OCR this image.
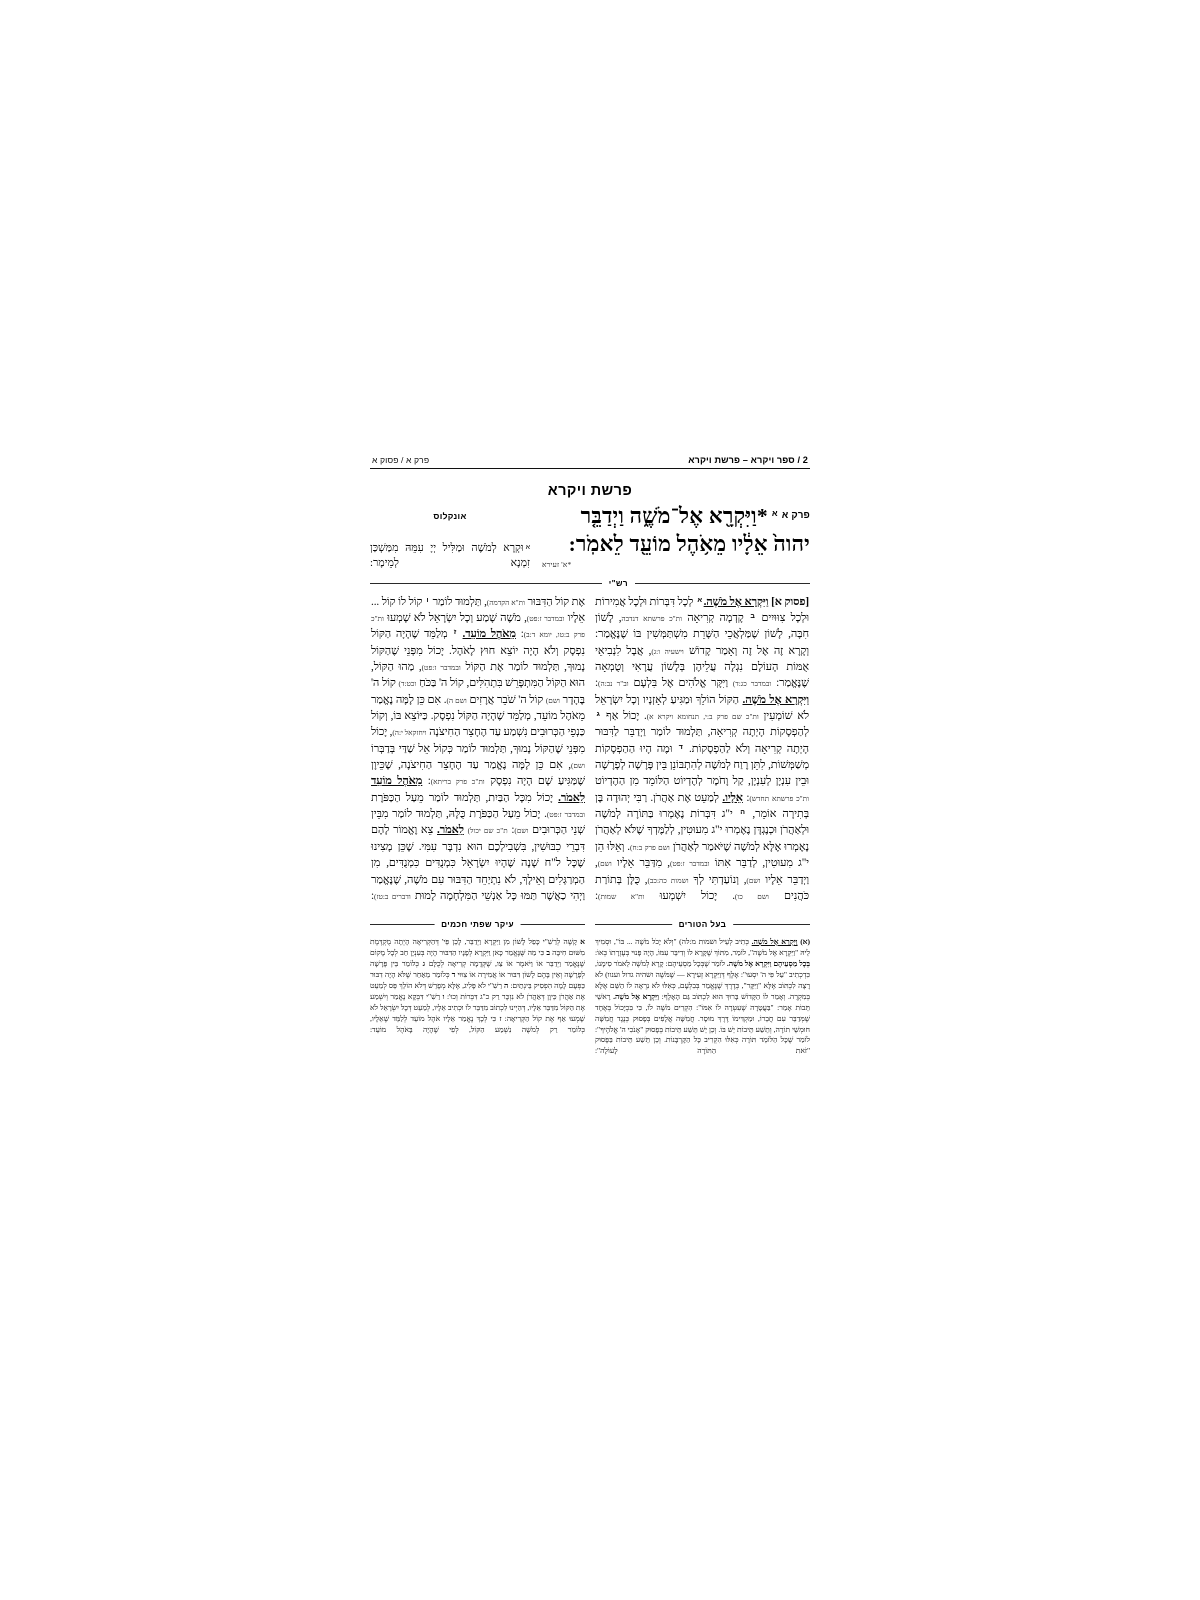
2 / ספר ויקרא – פרשת ויקרא
פרק א / פסוק א
פרשת ויקרא
$^{פרק אא}$*וַיִּקְרָ֖א אֶל־מֹשֶׁ֑ה וַיְדַבֵּ֤ר
יהוה֙ אֵלָ֔יו מֵאֹ֥הֶל מוֹעֵ֖ד לֵאמֹֽר:
*א' זעירא
אונקלוס
אוּקְרָא לְמֹשֶׁה וּמַלִּיל יְיָ עִמֵּהּ מִמַּשְׁכַּן זִמְנָא לְמֵימָר:
רש"י
[פסוק א] וַיִּקְרָא אֶל מֹשֶׁה.$^א$ לְכָל דִּבְּרוֹת וּלְכָל אֲמִירוֹת וּלְכָל צִוּוּיִים $^ב$ קָדְמָה קְרִיאָה ות"כ פרשתא דנדבה, לָשׁוֹן חִבָּה, לָשׁוֹן שֶׁמַּלְאֲכֵי הַשָּׁרֵת מִשְׁתַּמְּשִׁין בּוֹ שֶׁנֶּאֱמַר: וְקָרָא זֶה אֶל זֶה וְאָמַר קָדוֹשׁ וישעיה ו:ג), אֲבָל לִנְבִיאֵי אֻמּוֹת הָעוֹלָם נִגְלָה עֲלֵיהֶן בְּלָשׁוֹן עֲרָאִי וְטֻמְאָה שֶׁנֶּאֱמַר: ובמדבר כג:ד) וַיִּקָּר אֱלֹהִים אֶל בִּלְעָם וב"ר נב:ה): וַיִּקְרָא אֶל מֹשֶׁה. הַקּוֹל הוֹלֵךְ וּמַגִּיעַ לְאָזְנָיו וְכָל יִשְׂרָאֵל לֹא שׁוֹמְעִין ות"כ שם פרק ב:י, תנחומא ויקרא א). יָכוֹל אַף $^ג$ לְהַפְסָקוֹת הָיְתָה קְרִיאָה, תַּלְמוּד לוֹמַר וַיְדַבֵּר לַדִּבּוּר הָיְתָה קְרִיאָה וְלֹא לַהַפְסָקוֹת. $^ד$ וּמֶה הָיוּ הַהַפְסָקוֹת מְשַׁמְּשׁוֹת, לִתֵּן רֶוַח לְמֹשֶׁה לְהִתְבּוֹנֵן בֵּין פָּרָשָׁה לְפָרָשָׁה וּבֵין עִנְיָן לְעִנְיָן, קַל וָחֹמֶר לְהֶדְיוֹט הַלּוֹמֵד מִן הַהֶדְיוֹט ות"כ פרשתא תחדש): אֵלָיו. לְמַעֵט אֶת אַהֲרֹן. רַבִּי יְהוּדָה בֶּן בְּתִירָה אוֹמֵר, $^ה$ י"ג דִּבְּרוֹת נֶאֶמְרוּ בַּתּוֹרָה לְמֹשֶׁה וּלְאַהֲרֹן וּכְנֶגְדָּן נֶאֶמְרוּ י"ג מִעוּטִין, לְלַמֶּדְךָ שֶׁלֹּא לְאַהֲרֹן נֶאֶמְרוּ אֶלָּא לְמֹשֶׁה שֶׁיֹּאמַר לְאַהֲרֹן ושם פרק ב:ח). וְאֵלּוּ הֵן י"ג מִעוּטִין, לְדַבֵּר אִתּוֹ ובמדבר ז:פט), מִדַּבֵּר אֵלָיו ושם), וַיְדַבֵּר אֵלָיו ושם), וְנוֹעַדְתִּי לְךָ ושמות כה:כב), כֻּלָּן בְּתוֹרַת כֹּהֲנִים ושם כו). יָכוֹל יִשְׁמְעוּ ות"א שמות):
אֶת קוֹל הַדִּבּוּר ות"א הקדמה), תַּלְמוּד לוֹמַר $^ו$ קוֹל לוֹ קוֹל ... אֵלָיו ובמדבר ז:פט), מֹשֶׁה שָׁמַע וְכָל יִשְׂרָאֵל לֹא שָׁמְעוּ ות"כ פרק ב:טו, יומא ד:ב): מֵאֹהֶל מוֹעֵד. $^ז$ מְלַמֵּד שֶׁהָיָה הַקּוֹל נִפְסָק וְלֹא הָיָה יוֹצֵא חוּץ לָאֹהֶל. יָכוֹל מִפְּנֵי שֶׁהַקּוֹל נָמוּךְ, תַּלְמוּד לוֹמַר אֶת הַקּוֹל ובמדבר ז:פט), מַהוּ הַקּוֹל, הוּא הַקּוֹל הַמִּתְפָּרֵשׁ בִּתְהִלִּים, קוֹל ה' בַּכֹּחַ וכט:ד) קוֹל ה' בֶּהָדָר ושם) קוֹל ה' שֹׁבֵר אֲרָזִים ושם ה). אִם כֵּן לָמָּה נֶאֱמַר מֵאֹהֶל מוֹעֵד, מְלַמֵּד שֶׁהָיָה הַקּוֹל נִפְסָק. כַּיּוֹצֵא בּוֹ, וְקוֹל כַּנְפֵי הַכְּרוּבִים נִשְׁמַע עַד הֶחָצֵר הַחִיצֹנָה ויחזקאל י:ה), יָכוֹל מִפְּנֵי שֶׁהַקּוֹל נָמוּךְ, תַּלְמוּד לוֹמַר כְּקוֹל אֵל שַׁדַּי בְּדַבְּרוֹ ושם), אִם כֵּן לָמָּה נֶאֱמַר עַד הֶחָצֵר הַחִיצֹנָה, שֶׁכֵּיוָן שֶׁמַּגִּיעַ שָׁם הָיָה נִפְסָק ות"כ פרק בריתא): מֵאֹהֶל מוֹעֵד לֵאמֹר. יָכוֹל מִכָּל הַבַּיִת, תַּלְמוּד לוֹמַר מֵעַל הַכַּפֹּרֶת ובמדבר ז:פט). יָכוֹל מֵעַל הַכַּפֹּרֶת כֻּלָּהּ, תַּלְמוּד לוֹמַר מִבֵּין שְׁנֵי הַכְּרוּבִים ושם): ת"כ שם יכול) לֵאמֹר. צֵא וֶאֱמוֹר לָהֶם דִּבְרֵי כִבּוּשִׁין, בִּשְׁבִילְכֶם הוּא נִדְבָּר עִמִּי. שֶׁכֵּן מָצִינוּ שֶׁכָּל ל"ח שָׁנָה שֶׁהָיוּ יִשְׂרָאֵל כִּמְנֻדִּים כִּמְנֻדִּים, מִן הַמְרַגְּלִים וְאֵילָךְ, לֹא נִתְיַחֵד הַדִּבּוּר עִם מֹשֶׁה, שֶׁנֶּאֱמַר וַיְהִי כַאֲשֶׁר תַּמּוּ כָּל אַנְשֵׁי הַמִּלְחָמָה לָמוּת ודברים ב:טז):
בעל הטורים
עיקר שפתי חכמים
(א) וַיִּקְרָא אֶל מֹשֶׁה. כְּתִיב לְעֵיל ושמות מ:לה) "וְלֹא יָכֹל מֹשֶׁה ... בּוֹ", וּסְמִיךְ לֵיהּ "וַיִּקְרָא אֶל מֹשֶׁה", לוֹמַר, מִתּוֹךְ שֶׁקָּרָא לוֹ וְדִיבֵּר עִמּוֹ, הָיָה פָּנוּי בְּעֶזְרָתוֹ כְּאוֹ: בְּכָל מַסְעֵיהֶם וַיִּקְרָא אֶל מֹשֶׁה. לוֹמַר שֶׁבְּכָל מַסְעֵיהֶם: קָרָא לְמֹשֶׁה לֵאמֹר סִימָנוֹ, כִּדְכְתִיב "עַל פִּי ה' יִסְעוּ": אָלֶף דְּוַיִּקְרָא זְעִירָא — שֶׁמֹּשֶׁה ושהיה גדול וענוו) לֹא רָצָה לִכְתּוֹב אֶלָּא "וַיִּקָּר", כְּדֶרֶךְ שֶׁנֶּאֱמַר בְּבִלְעָם, כְּאִלּוּ לֹא נִרְאָה לוֹ הַשֵּׁם אֶלָּא בְּמִקְרֶה. וְאָמַר לוֹ הַקָּדוֹשׁ בָּרוּךְ הוּא לִכְתּוֹב גַּם הָאָלֶף: וַיִּקְרָא אֶל מֹשֶׁה. רָאשֵׁי תֵּבוֹת אָמַר: "בַּעֲטָרָה שֶׁעִטְּרָה לוֹ אִמּוֹ": הִקְרִים מֹשֶׁה לוֹ, כִּי בִּכְיָכוֹל בְּאֶחָד שֶׁמְּדַבֵּר עִם חֲבֵרוֹ, וּמַקְדִּימוֹ דֶּרֶךְ מוּסָר. חֲמִשָּׁה אֲלָפִים בְּפָסוּק כְּנֶגֶד חֲמִשָּׁה חוּמְשֵׁי תוֹרָה, וְתֵשַׁע תֵּיבוֹת יֵשׁ בּוֹ. וְכֵן יֵשׁ תֵּשַׁע תֵּיבוֹת בְּפָסוּק "אָנֹכִי ה' אֱלֹהֶיךָ": לוֹמַר שֶׁכָּל הַלּוֹמֵד תּוֹרָה כְּאִלּוּ הִקְרִיב כָּל הַקָּרְבָּנוֹת. וְכֵן תֵּשַׁע תֵּיבוֹת בַּפָּסוּק "זֹאת הַתּוֹרָה לָעוֹלָה":
א קָשֶׁה לְרַשִׁ"י כָּפַל לָשׁוֹן מִן וַיִּקְרָא וַיְדַבֵּר, לָכֵן פֵּי' דְּהַקְּרִיאָה הָיְתָה מֻקְדֶּמֶת מִשּׁוּם חִיבָּה ב כִּי מַה שֶּׁנֶּאֱמַר כָּאן וַיִּקְרָא לְפָנָיו הַדִּבּוּר הָיָה בְּעִנְיָן חַב לְכָל מָקוֹם שֶׁנֶּאֱמַר וַיְדַבֵּר אוֹ וַיֹּאמֶר אוֹ צַו, שֶׁקְּדָמָה קְרִיאָה לְכֻלָּם ג כְּלוֹמַר בֵּין פָּרָשָׁה לְפָרָשָׁה וְאֵין בָּהֶם לָשׁוֹן דִּבּוּר אוֹ אֲמִירָה אוֹ צִוּוּי ד כְּלוֹמַר מֵאַחַר שֶׁלֹּא הָיָה דִבּוּר כַּפְּעָם לָמָה הִפְסִיק בֵּינְתַיִם: ה רַשִׁ"י לֹא פָּלִיג, אֶלָּא מְפָרֵשׁ דְּלֹא הוֹלֵךְ פֵּס לְמַעֵט אֶת אַהֲרֹן כֵּיוָן דְּאַהֲרֹן לֹא נִזְכָּר רַק כ"ג דִּבְּרוֹת וְכוּ': ו רַשִׁ"י דִּבְּקָא נֶאֱמַר וְיִשְׁמַע אֶת הַקּוֹל מִדַּבֵּר אֵלָיו, דְּהַיְינוּ לִכְתוֹב מִדַּבֵּר לוֹ וּכְתִיב אֵלָיו, לְמַעֵט דְּכָל יִשְׂרָאֵל לֹא שָׁמְעוּ אַף אֶת קוֹל הַקְּרִיאָה: ז כִּי לְכָךְ נֶאֱמַר אֵלָיו אֹהֶל מוֹעֵד לְלַמֵּד שֶׁאֵלָיו, כְּלוֹמַר רַק לְמֹשֶׁה נִשְׁמַע הַקּוֹל, לְפִי שֶׁהָיָה בָּאֹהֶל מוֹעֵד:
